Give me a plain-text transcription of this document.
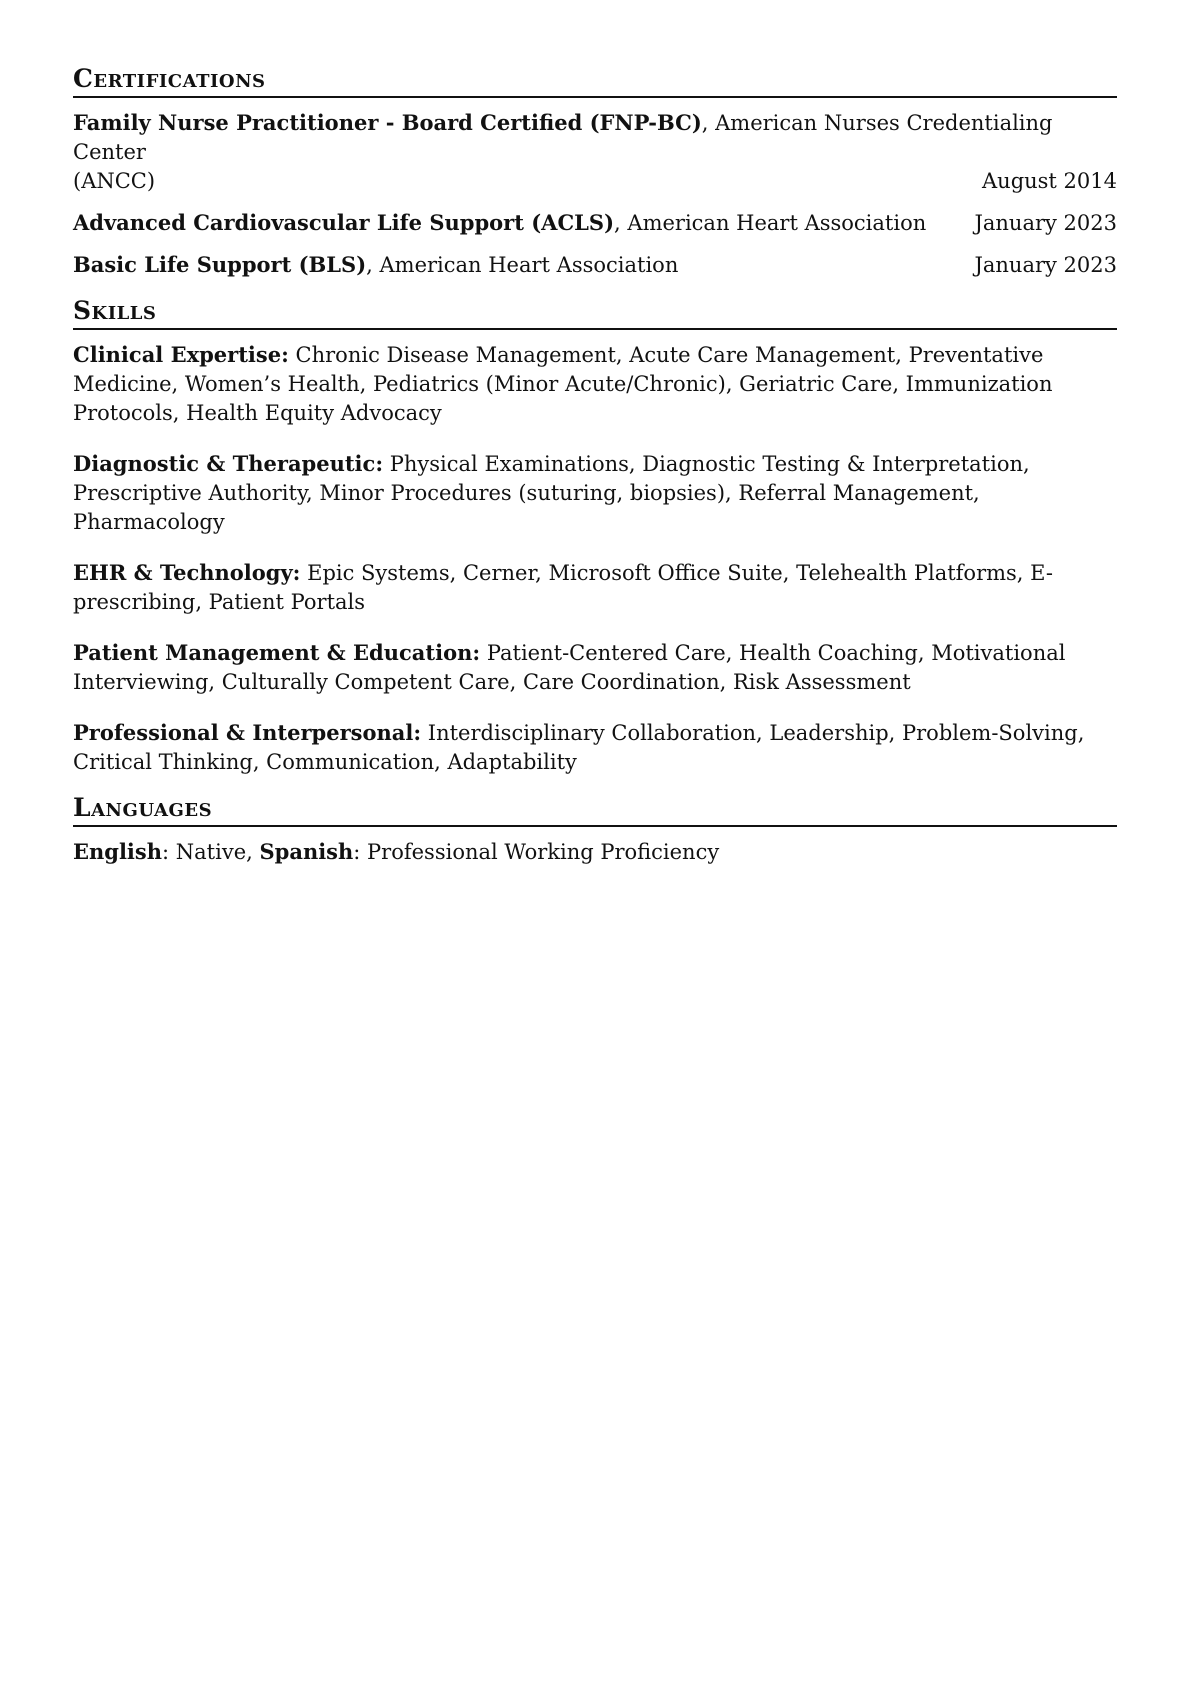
Certifications
Family Nurse Practitioner - Board Certified (FNP-BC), American Nurses Credentialing Center
(ANCC)	August 2014
Advanced Cardiovascular Life Support (ACLS), American Heart Association	January 2023
Basic Life Support (BLS), American Heart Association	January 2023
Skills

Clinical Expertise: Chronic Disease Management, Acute Care Management, Preventative Medicine, Women’s Health, Pediatrics (Minor Acute/Chronic), Geriatric Care, Immunization Protocols, Health Equity Advocacy

Diagnostic & Therapeutic: Physical Examinations, Diagnostic Testing & Interpretation, Prescriptive Authority, Minor Procedures (suturing, biopsies), Referral Management, Pharmacology

EHR & Technology: Epic Systems, Cerner, Microsoft Office Suite, Telehealth Platforms, E-prescribing, Patient Portals

Patient Management & Education: Patient-Centered Care, Health Coaching, Motivational Interviewing, Culturally Competent Care, Care Coordination, Risk Assessment

Professional & Interpersonal: Interdisciplinary Collaboration, Leadership, Problem-Solving, Critical Thinking, Communication, Adaptability

Languages
English: Native, Spanish: Professional Working Proficiency
